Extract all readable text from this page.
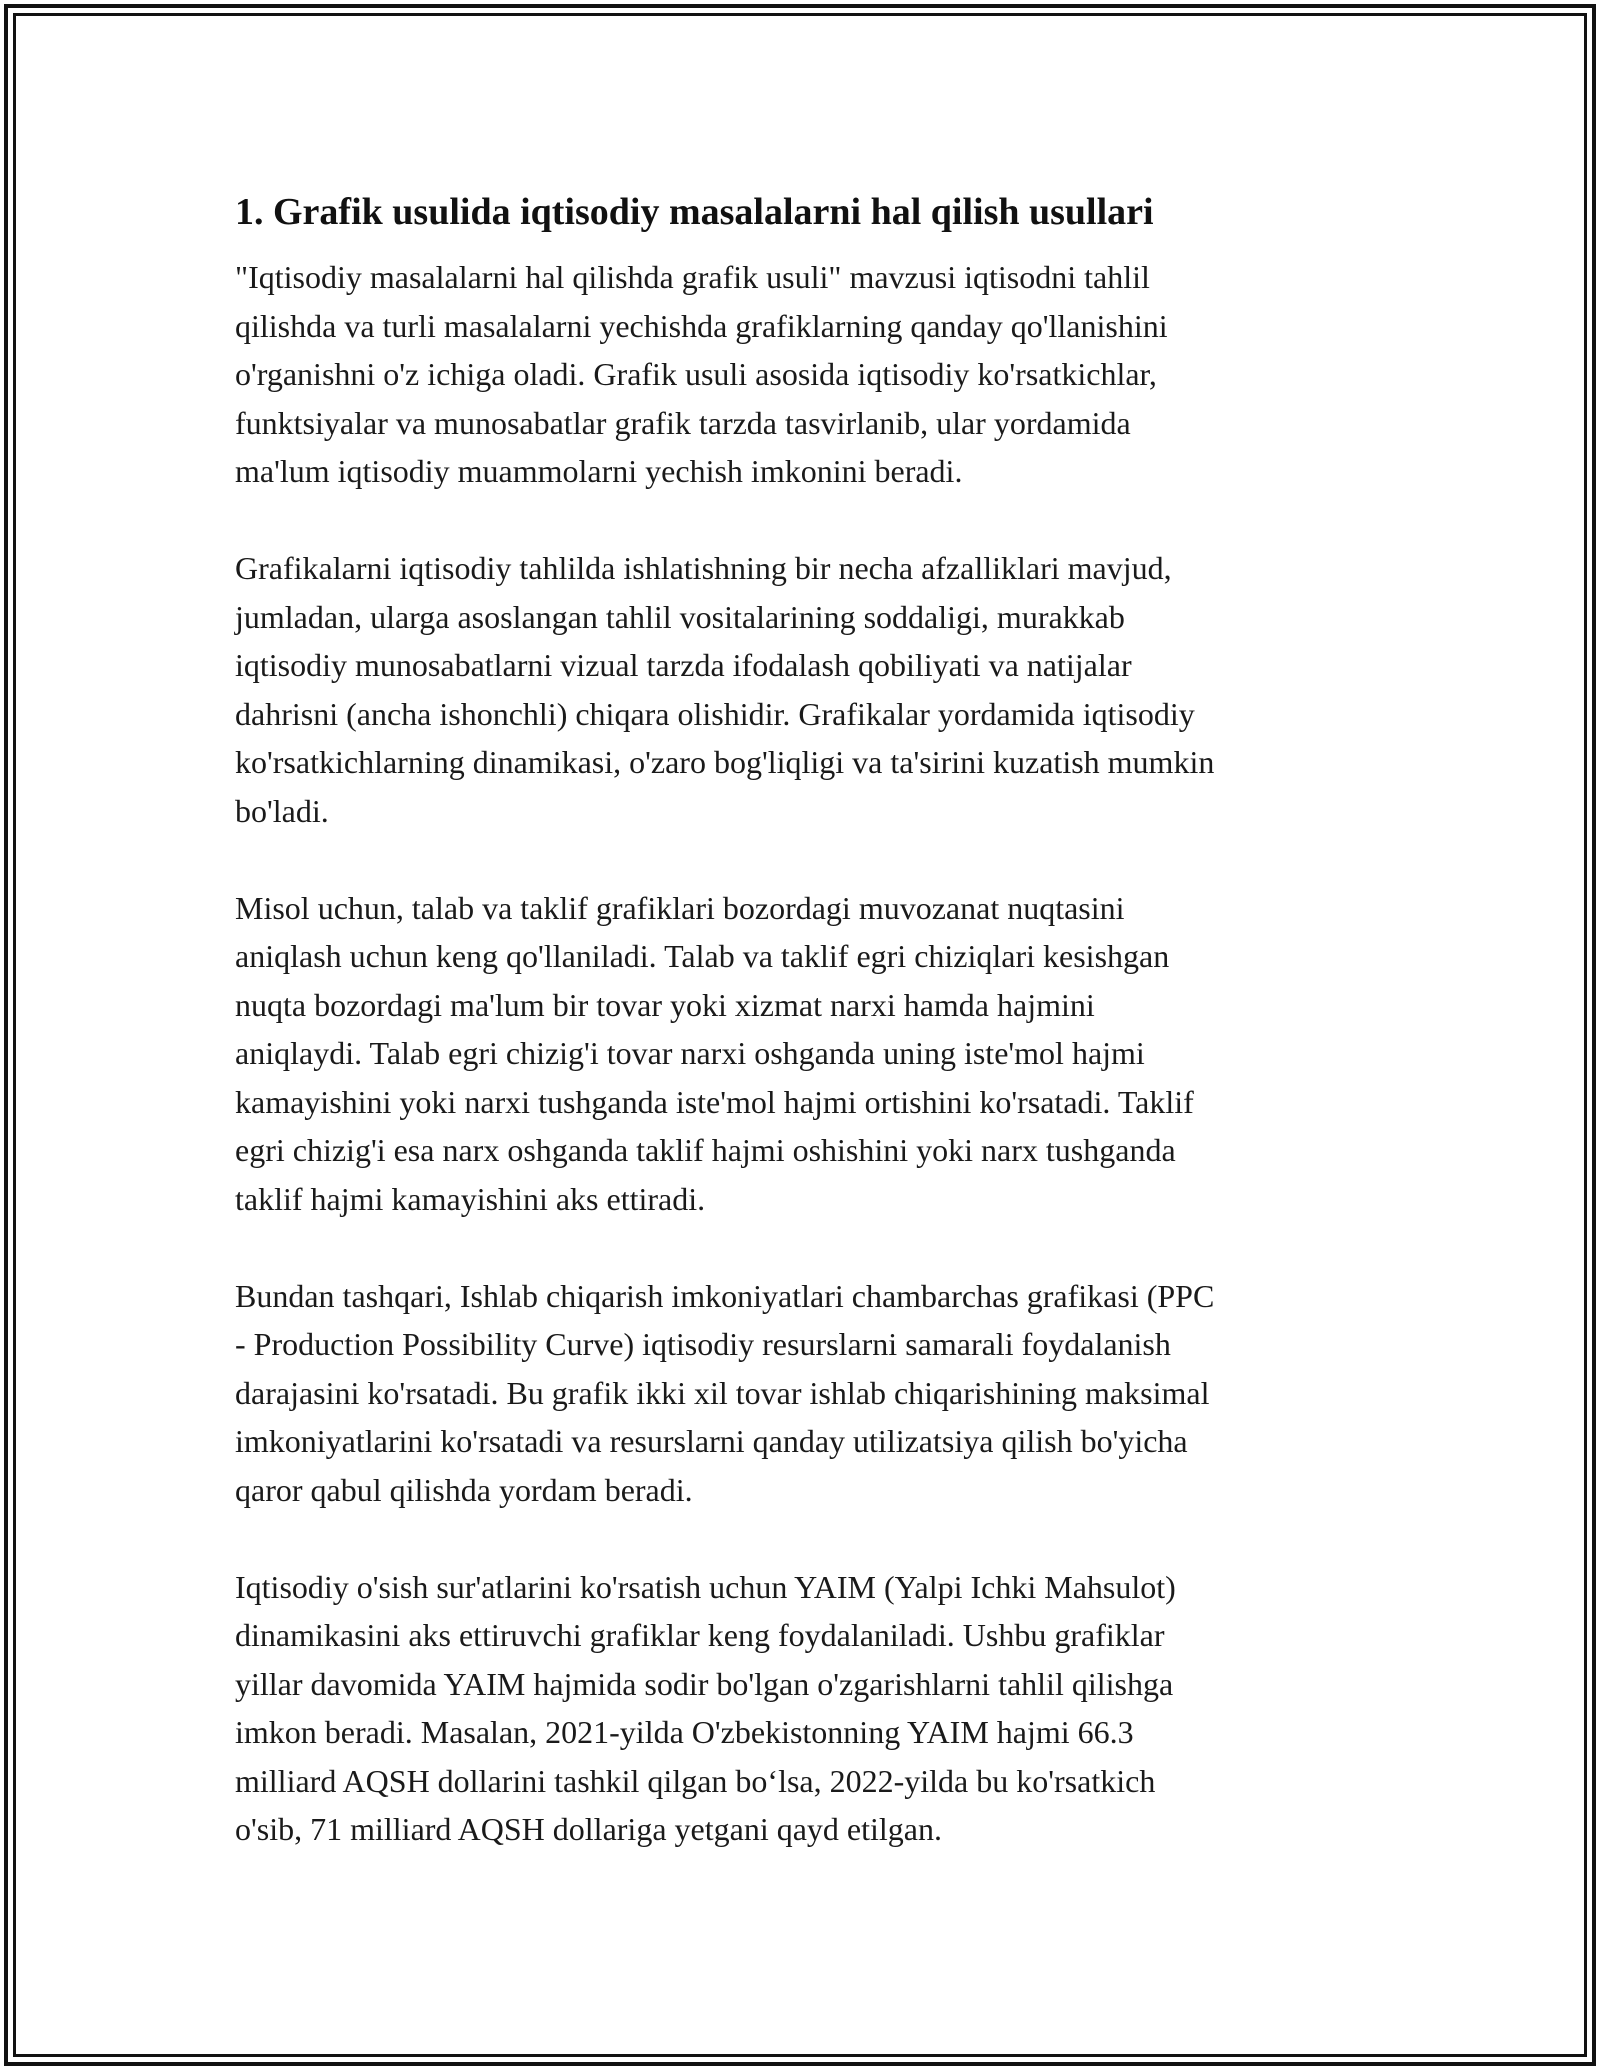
1. Grafik usulida iqtisodiy masalalarni hal qilish usullari

"Iqtisodiy masalalarni hal qilishda grafik usuli" mavzusi iqtisodni tahlil
qilishda va turli masalalarni yechishda grafiklarning qanday qo'llanishini
o'rganishni o'z ichiga oladi. Grafik usuli asosida iqtisodiy ko'rsatkichlar,
funktsiyalar va munosabatlar grafik tarzda tasvirlanib, ular yordamida
ma'lum iqtisodiy muammolarni yechish imkonini beradi.

Grafikalarni iqtisodiy tahlilda ishlatishning bir necha afzalliklari mavjud,
jumladan, ularga asoslangan tahlil vositalarining soddaligi, murakkab
iqtisodiy munosabatlarni vizual tarzda ifodalash qobiliyati va natijalar
dahrisni (ancha ishonchli) chiqara olishidir. Grafikalar yordamida iqtisodiy
ko'rsatkichlarning dinamikasi, o'zaro bog'liqligi va ta'sirini kuzatish mumkin
bo'ladi.

Misol uchun, talab va taklif grafiklari bozordagi muvozanat nuqtasini
aniqlash uchun keng qo'llaniladi. Talab va taklif egri chiziqlari kesishgan
nuqta bozordagi ma'lum bir tovar yoki xizmat narxi hamda hajmini
aniqlaydi. Talab egri chizig'i tovar narxi oshganda uning iste'mol hajmi
kamayishini yoki narxi tushganda iste'mol hajmi ortishini ko'rsatadi. Taklif
egri chizig'i esa narx oshganda taklif hajmi oshishini yoki narx tushganda
taklif hajmi kamayishini aks ettiradi.

Bundan tashqari, Ishlab chiqarish imkoniyatlari chambarchas grafikasi (PPC
- Production Possibility Curve) iqtisodiy resurslarni samarali foydalanish
darajasini ko'rsatadi. Bu grafik ikki xil tovar ishlab chiqarishining maksimal
imkoniyatlarini ko'rsatadi va resurslarni qanday utilizatsiya qilish bo'yicha
qaror qabul qilishda yordam beradi.

Iqtisodiy o'sish sur'atlarini ko'rsatish uchun YAIM (Yalpi Ichki Mahsulot)
dinamikasini aks ettiruvchi grafiklar keng foydalaniladi. Ushbu grafiklar
yillar davomida YAIM hajmida sodir bo'lgan o'zgarishlarni tahlil qilishga
imkon beradi. Masalan, 2021-yilda O'zbekistonning YAIM hajmi 66.3
milliard AQSH dollarini tashkil qilgan bo‘lsa, 2022-yilda bu ko'rsatkich
o'sib, 71 milliard AQSH dollariga yetgani qayd etilgan.
